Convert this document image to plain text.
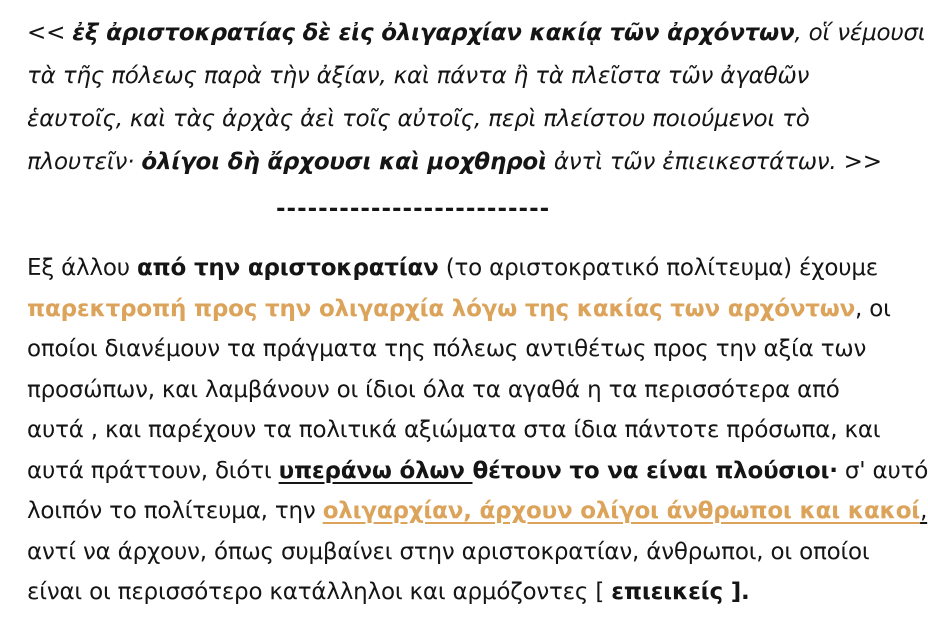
<< ἐξ ἀριστοκρατίας δὲ εἰς ὀλιγαρχίαν κακίᾳ τῶν ἀρχόντων, οἵ νέμουσι
τὰ τῆς πόλεως παρὰ τὴν ἀξίαν, καὶ πάντα ἢ τὰ πλεῖστα τῶν ἀγαθῶν
ἑαυτοῖς, καὶ τὰς ἀρχὰς ἀεὶ τοῖς αὐτοῖς, περὶ πλείστου ποιούμενοι τὸ
πλουτεῖν· ὀλίγοι δὴ ἄρχουσι καὶ μοχθηροὶ ἀντὶ τῶν ἐπιεικεστάτων. >>
--------------------------
Εξ άλλου από την αριστοκρατίαν (το αριστοκρατικό πολίτευμα) έχουμε
παρεκτροπή προς την ολιγαρχία λόγω της κακίας των αρχόντων, οι
οποίοι διανέμουν τα πράγματα της πόλεως αντιθέτως προς την αξία των
προσώπων, και λαμβάνουν οι ίδιοι όλα τα αγαθά η τα περισσότερα από
αυτά , και παρέχουν τα πολιτικά αξιώματα στα ίδια πάντοτε πρόσωπα, και
αυτά πράττουν, διότι υπεράνω όλων θέτουν το να είναι πλούσιοι· σ' αυτό
λοιπόν το πολίτευμα, την ολιγαρχίαν, άρχουν ολίγοι άνθρωποι και κακοί,
αντί να άρχουν, όπως συμβαίνει στην αριστοκρατίαν, άνθρωποι, οι οποίοι
είναι οι περισσότερο κατάλληλοι και αρμόζοντες [ επιεικείς ].
